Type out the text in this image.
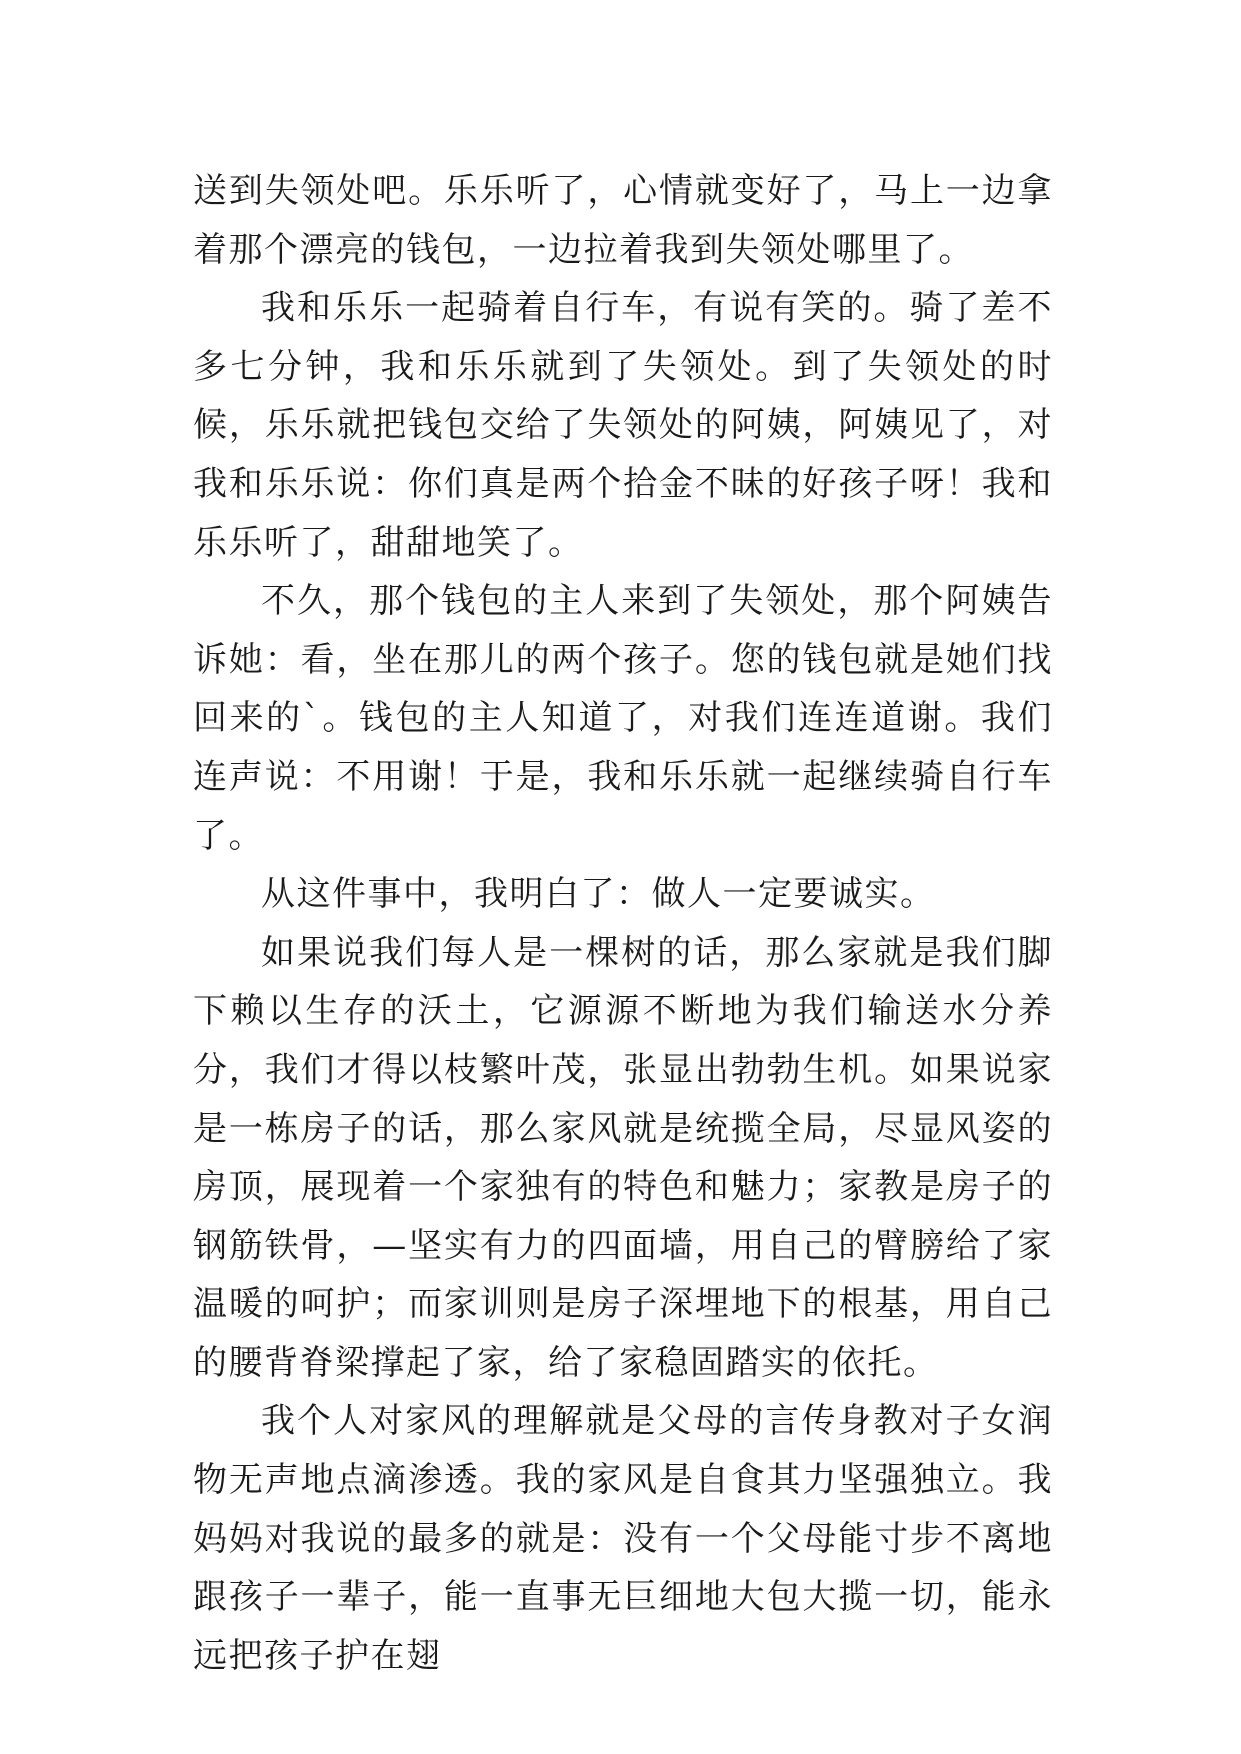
送到失领处吧。乐乐听了，心情就变好了，马上一边拿着那个漂亮的钱包，一边拉着我到失领处哪里了。

我和乐乐一起骑着自行车，有说有笑的。骑了差不多七分钟，我和乐乐就到了失领处。到了失领处的时候，乐乐就把钱包交给了失领处的阿姨，阿姨见了，对我和乐乐说：你们真是两个拾金不昧的好孩子呀！我和乐乐听了，甜甜地笑了。

不久，那个钱包的主人来到了失领处，那个阿姨告诉她：看，坐在那儿的两个孩子。您的钱包就是她们找回来的`。钱包的主人知道了，对我们连连道谢。我们连声说：不用谢！于是，我和乐乐就一起继续骑自行车了。

从这件事中，我明白了：做人一定要诚实。

如果说我们每人是一棵树的话，那么家就是我们脚下赖以生存的沃土，它源源不断地为我们输送水分养分，我们才得以枝繁叶茂，张显出勃勃生机。如果说家是一栋房子的话，那么家风就是统揽全局，尽显风姿的房顶，展现着一个家独有的特色和魅力；家教是房子的钢筋铁骨，—坚实有力的四面墙，用自己的臂膀给了家温暖的呵护；而家训则是房子深埋地下的根基，用自己的腰背脊梁撑起了家，给了家稳固踏实的依托。

我个人对家风的理解就是父母的言传身教对子女润物无声地点滴渗透。我的家风是自食其力坚强独立。我妈妈对我说的最多的就是：没有一个父母能寸步不离地跟孩子一辈子，能一直事无巨细地大包大揽一切，能永远把孩子护在翅
